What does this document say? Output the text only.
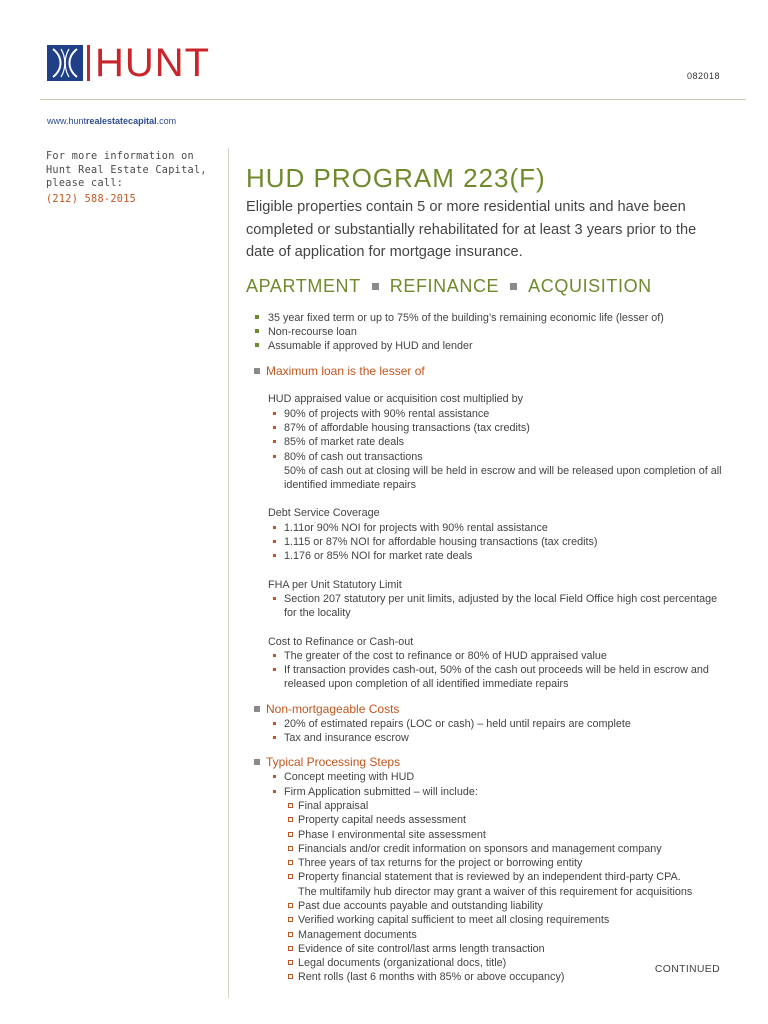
HUNT	082018
www.huntrealestatecapital.com
For more information on
Hunt Real Estate Capital,
please call:
(212) 588-2015
HUD PROGRAM 223(F)
Eligible properties contain 5 or more residential units and have been completed or substantially rehabilitated for at least 3 years prior to the date of application for mortgage insurance.
APARTMENT REFINANCE ACQUISITION
35 year fixed term or up to 75% of the building’s remaining economic life (lesser of)
Non-recourse loan
Assumable if approved by HUD and lender
Maximum loan is the lesser of
HUD appraised value or acquisition cost multiplied by
90% of projects with 90% rental assistance
87% of affordable housing transactions (tax credits)
85% of market rate deals
80% of cash out transactions
50% of cash out at closing will be held in escrow and will be released upon completion of all identified immediate repairs
Debt Service Coverage
1.11or 90% NOI for projects with 90% rental assistance
1.115 or 87% NOI for affordable housing transactions (tax credits)
1.176 or 85% NOI for market rate deals
FHA per Unit Statutory Limit
Section 207 statutory per unit limits, adjusted by the local Field Office high cost percentage for the locality
Cost to Refinance or Cash-out
The greater of the cost to refinance or 80% of HUD appraised value
If transaction provides cash-out, 50% of the cash out proceeds will be held in escrow and released upon completion of all identified immediate repairs
Non-mortgageable Costs
20% of estimated repairs (LOC or cash) – held until repairs are complete
Tax and insurance escrow
Typical Processing Steps
Concept meeting with HUD
Firm Application submitted – will include:
Final appraisal
Property capital needs assessment
Phase I environmental site assessment
Financials and/or credit information on sponsors and management company
Three years of tax returns for the project or borrowing entity
Property financial statement that is reviewed by an independent third-party CPA.
The multifamily hub director may grant a waiver of this requirement for acquisitions
Past due accounts payable and outstanding liability
Verified working capital sufficient to meet all closing requirements
Management documents
Evidence of site control/last arms length transaction
Legal documents (organizational docs, title)
Rent rolls (last 6 months with 85% or above occupancy)
CONTINUED
